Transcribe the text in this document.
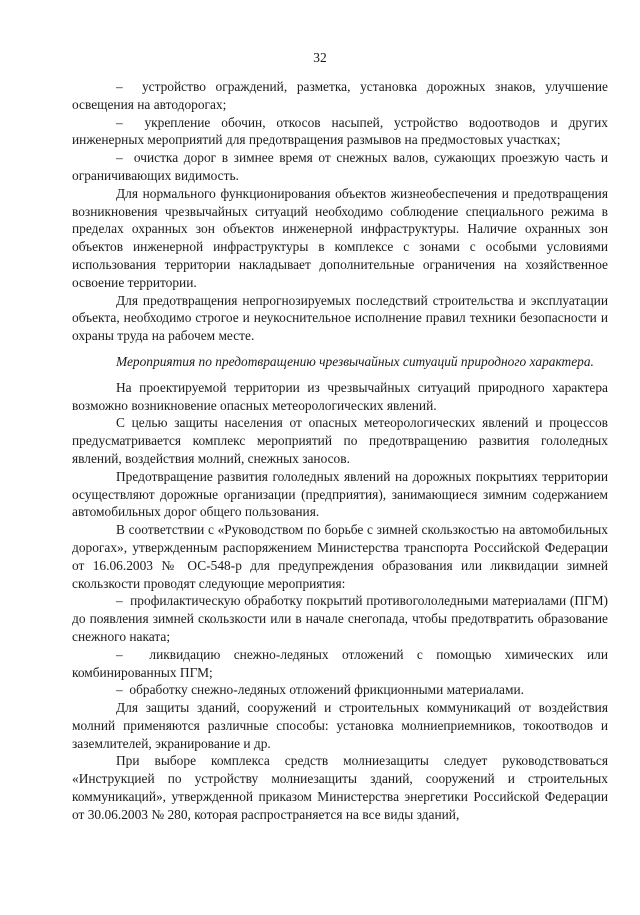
32

–  устройство ограждений, разметка, установка дорожных знаков, улучшение освещения на автодорогах;

–  укрепление обочин, откосов насыпей, устройство водоотводов и других инженерных мероприятий для предотвращения размывов на предмостовых участках;

–  очистка дорог в зимнее время от снежных валов, сужающих проезжую часть и ограничивающих видимость.

Для нормального функционирования объектов жизнеобеспечения и предотвращения возникновения чрезвычайных ситуаций необходимо соблюдение специального режима в пределах охранных зон объектов инженерной инфраструктуры. Наличие охранных зон объектов инженерной инфраструктуры в комплексе с зонами с особыми условиями использования территории накладывает дополнительные ограничения на хозяйственное освоение территории.

Для предотвращения непрогнозируемых последствий строительства и эксплуатации объекта, необходимо строгое и неукоснительное исполнение правил техники безопасности и охраны труда на рабочем месте.

Мероприятия по предотвращению чрезвычайных ситуаций природного характера.

На проектируемой территории из чрезвычайных ситуаций природного характера возможно возникновение опасных метеорологических явлений.

С целью защиты населения от опасных метеорологических явлений и процессов предусматривается комплекс мероприятий по предотвращению развития гололедных явлений, воздействия молний, снежных заносов.

Предотвращение развития гололедных явлений на дорожных покрытиях территории осуществляют дорожные организации (предприятия), занимающиеся зимним содержанием автомобильных дорог общего пользования.

В соответствии с «Руководством по борьбе с зимней скользкостью на автомобильных дорогах», утвержденным распоряжением Министерства транспорта Российской Федерации от 16.06.2003 № ОС-548-р для предупреждения образования или ликвидации зимней скользкости проводят следующие мероприятия:

–  профилактическую обработку покрытий противогололедными материалами (ПГМ) до появления зимней скользкости или в начале снегопада, чтобы предотвратить образование снежного наката;

–  ликвидацию снежно-ледяных отложений с помощью химических или комбинированных ПГМ;

–  обработку снежно-ледяных отложений фрикционными материалами.

Для защиты зданий, сооружений и строительных коммуникаций от воздействия молний применяются различные способы: установка молниеприемников, токоотводов и заземлителей, экранирование и др.

При выборе комплекса средств молниезащиты следует руководствоваться «Инструкцией по устройству молниезащиты зданий, сооружений и строительных коммуникаций», утвержденной приказом Министерства энергетики Российской Федерации от 30.06.2003 № 280, которая распространяется на все виды зданий,
